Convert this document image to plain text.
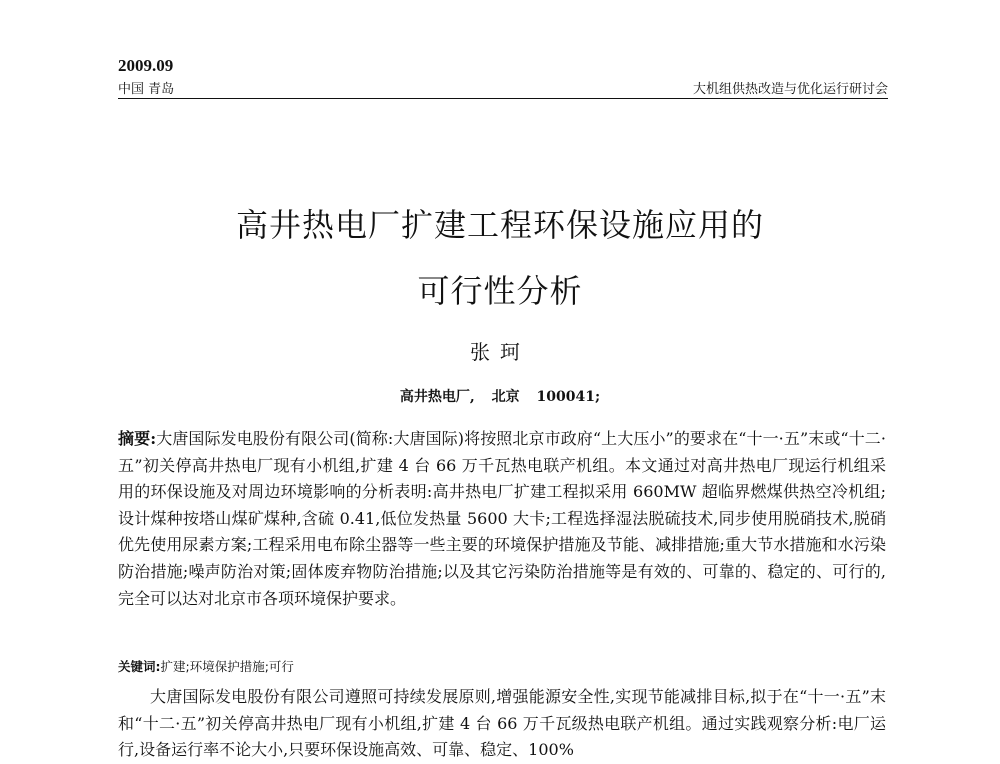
2009.09
中国 青岛	大机组供热改造与优化运行研讨会
高井热电厂扩建工程环保设施应用的
可行性分析
张珂
高井热电厂, 北京 100041;

摘要:大唐国际发电股份有限公司(简称:大唐国际)将按照北京市政府“上大压小”的要求在“十一·五”末或“十二·五”初关停高井热电厂现有小机组,扩建 4 台 66 万千瓦热电联产机组。本文通过对高井热电厂现运行机组采用的环保设施及对周边环境影响的分析表明:高井热电厂扩建工程拟采用 660MW 超临界燃煤供热空冷机组;设计煤种按塔山煤矿煤种,含硫 0.41,低位发热量 5600 大卡;工程选择湿法脱硫技术,同步使用脱硝技术,脱硝优先使用尿素方案;工程采用电布除尘器等一些主要的环境保护措施及节能、减排措施;重大节水措施和水污染防治措施;噪声防治对策;固体废弃物防治措施;以及其它污染防治措施等是有效的、可靠的、稳定的、可行的,完全可以达对北京市各项环境保护要求。

关键词:扩建;环境保护措施;可行

大唐国际发电股份有限公司遵照可持续发展原则,增强能源安全性,实现节能减排目标,拟于在“十一·五”末和“十二·五”初关停高井热电厂现有小机组,扩建 4 台 66 万千瓦级热电联产机组。通过实践观察分析:电厂运行,设备运行率不论大小,只要环保设施高效、可靠、稳定、100%
